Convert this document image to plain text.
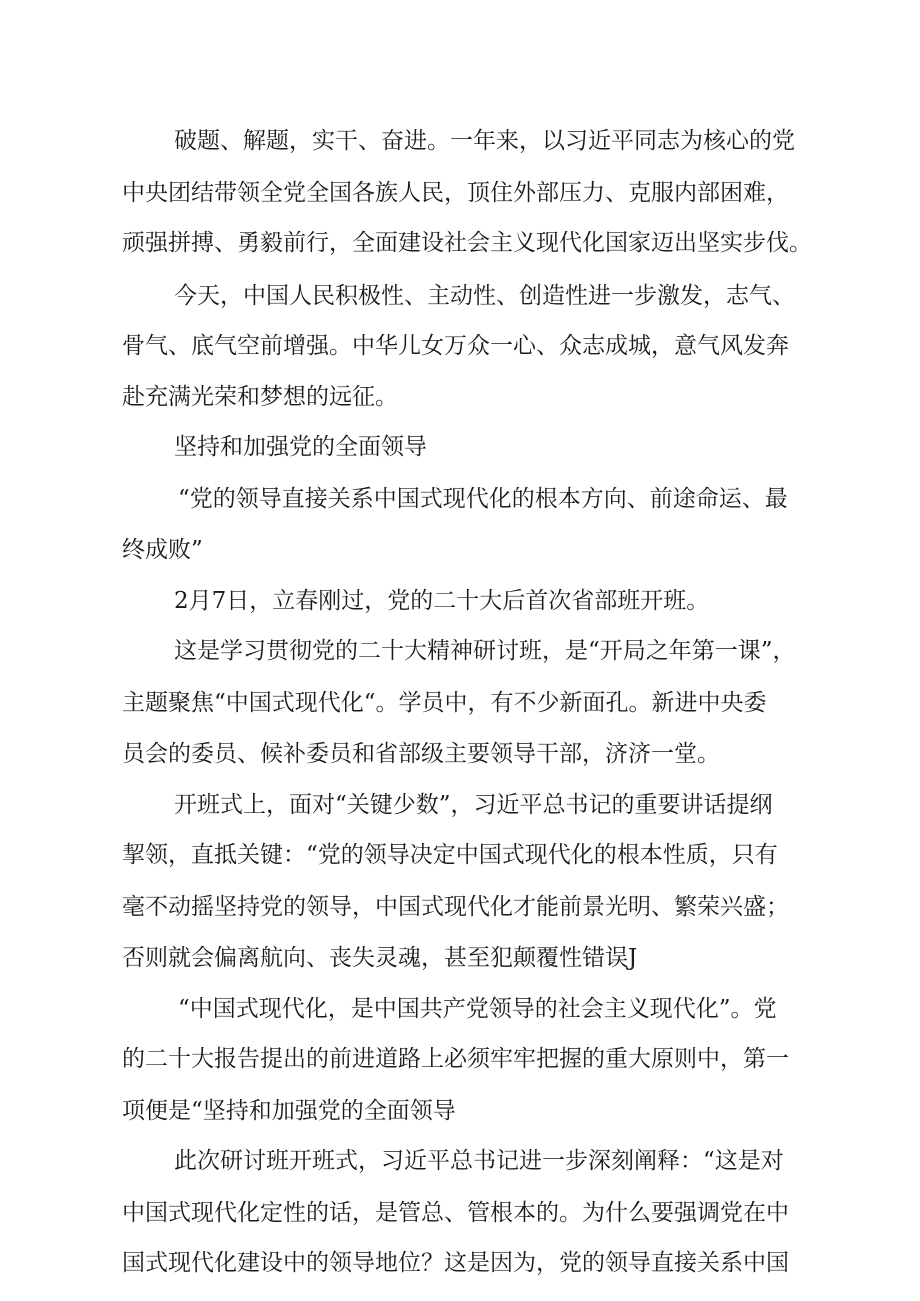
破题、解题，实干、奋进。一年来，以习近平同志为核心的党

中央团结带领全党全国各族人民，顶住外部压力、克服内部困难，

顽强拼搏、勇毅前行，全面建设社会主义现代化国家迈出坚实步伐。

今天，中国人民积极性、主动性、创造性进一步激发，志气、

骨气、底气空前增强。中华儿女万众一心、众志成城，意气风发奔

赴充满光荣和梦想的远征。

坚持和加强党的全面领导

“党的领导直接关系中国式现代化的根本方向、前途命运、最

终成败”

2月7日，立春刚过，党的二十大后首次省部班开班。

这是学习贯彻党的二十大精神研讨班，是“开局之年第一课”，

主题聚焦“中国式现代化“。学员中，有不少新面孔。新进中央委

员会的委员、候补委员和省部级主要领导干部，济济一堂。

开班式上，面对“关键少数”，习近平总书记的重要讲话提纲

挈领，直抵关键：“党的领导决定中国式现代化的根本性质，只有

毫不动摇坚持党的领导，中国式现代化才能前景光明、繁荣兴盛；

否则就会偏离航向、丧失灵魂，甚至犯颠覆性错误J

“中国式现代化，是中国共产党领导的社会主义现代化”。党

的二十大报告提出的前进道路上必须牢牢把握的重大原则中，第一

项便是“坚持和加强党的全面领导

此次研讨班开班式，习近平总书记进一步深刻阐释：“这是对

中国式现代化定性的话，是管总、管根本的。为什么要强调党在中

国式现代化建设中的领导地位？这是因为，党的领导直接关系中国
